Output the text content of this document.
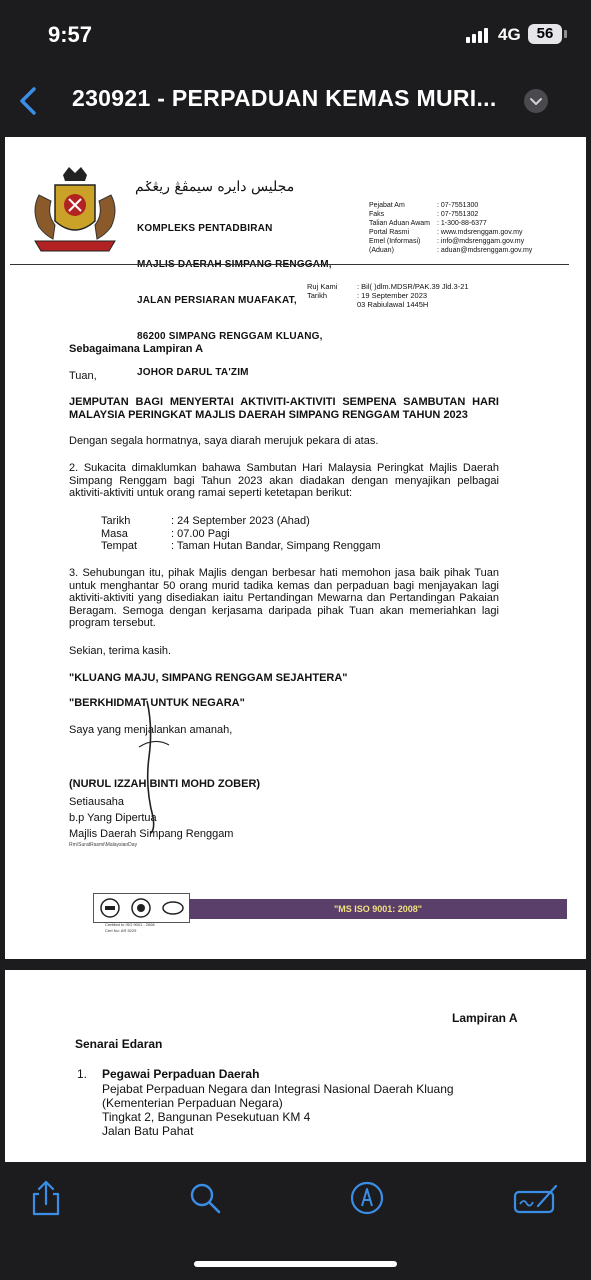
9:57	4G	56
230921 - PERPADUAN KEMAS MURI...
مجليس دايره سيمڤڠ ريڠݢم

KOMPLEKS PENTADBIRAN

JALAN PERSIARAN MUAFAKAT,

86200 SIMPANG RENGGAM KLUANG,

JOHOR DARUL TA'ZIM

Pejabat Am	: 07-7551300
Faks	: 07-7551302
Talian Aduan Awam	: 1-300-88-6377
Portal Rasmi	: www.mdsrenggam.gov.my
Emel (Informasi)	: info@mdsrenggam.gov.my
(Aduan)	: aduan@mdsrenggam.gov.my
Ruj Kami	: Bil( )dlm.MDSR/PAK.39 Jld.3-21
Tarikh	: 19 September 2023
03 Rabiulawal 1445H
Sebagaimana Lampiran A
Tuan,
JEMPUTAN BAGI MENYERTAI AKTIVITI-AKTIVITI SEMPENA SAMBUTAN HARI MALAYSIA PERINGKAT MAJLIS DAERAH SIMPANG RENGGAM TAHUN 2023
Dengan segala hormatnya, saya diarah merujuk pekara di atas.
2. Sukacita dimaklumkan bahawa Sambutan Hari Malaysia Peringkat Majlis Daerah Simpang Renggam bagi Tahun 2023 akan diadakan dengan menyajikan pelbagai aktiviti-aktiviti untuk orang ramai seperti ketetapan berikut:
Tarikh	: 24 September 2023 (Ahad)
Masa	: 07.00 Pagi
Tempat	: Taman Hutan Bandar, Simpang Renggam
3. Sehubungan itu, pihak Majlis dengan berbesar hati memohon jasa baik pihak Tuan untuk menghantar 50 orang murid tadika kemas dan perpaduan bagi menjayakan lagi aktiviti-aktiviti yang disediakan iaitu Pertandingan Mewarna dan Pertandingan Pakaian Beragam. Semoga dengan kerjasama daripada pihak Tuan akan memeriahkan lagi program tersebut.
Sekian, terima kasih.
"KLUANG MAJU, SIMPANG RENGGAM SEJAHTERA"
"BERKHIDMAT UNTUK NEGARA"
Saya yang menjalankan amanah,
(NURUL IZZAH BINTI MOHD ZOBER)
Setiausaha
b.p Yang Dipertua
Majlis Daerah Simpang Renggam
Rm\SuratRasmi\MalaysianDay
Certified to ISO 9001 : 2008
Cert No: AR 5229
"MS ISO 9001: 2008"
Lampiran A
Senarai Edaran
1. Pegawai Perpaduan Daerah
Pejabat Perpaduan Negara dan Integrasi Nasional Daerah Kluang
(Kementerian Perpaduan Negara)
Tingkat 2, Bangunan Pesekutuan KM 4
Jalan Batu Pahat
